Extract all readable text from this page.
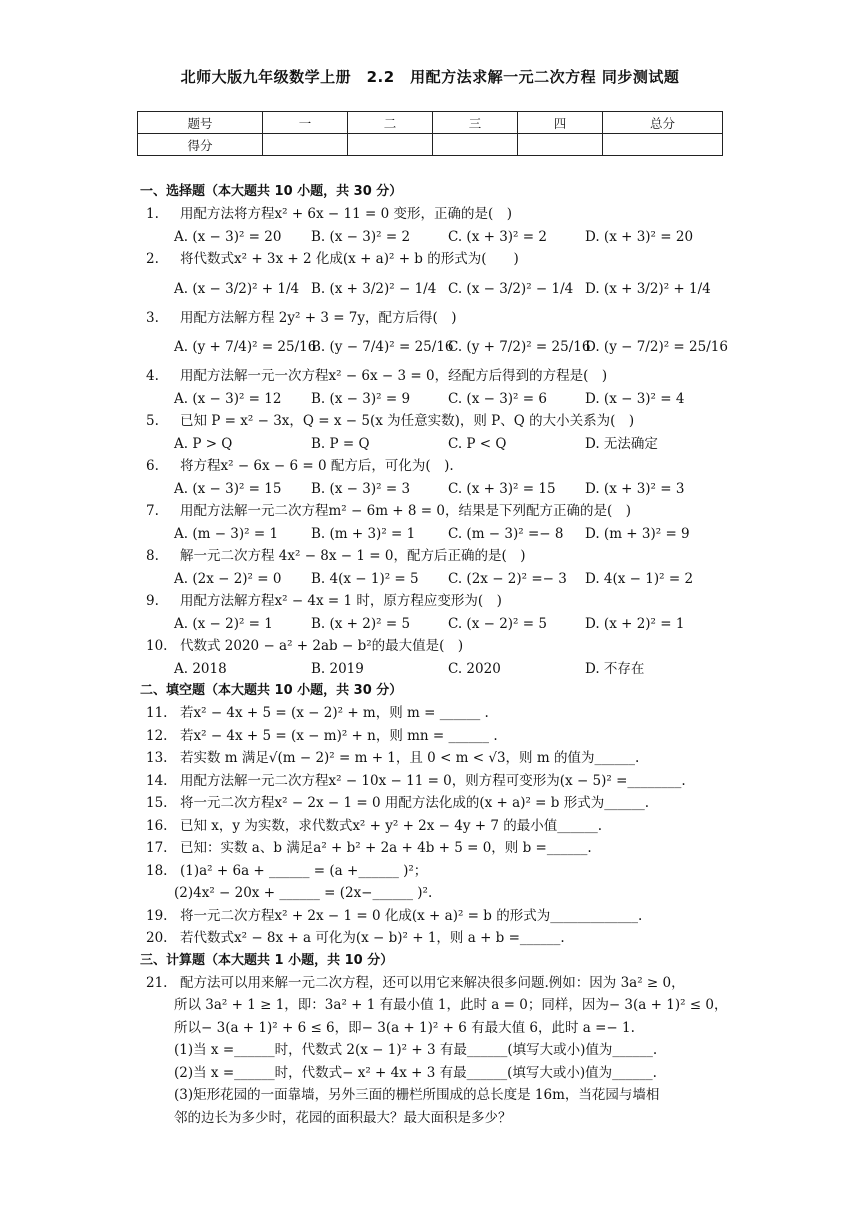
北师大版九年级数学上册　2.2　用配方法求解一元二次方程 同步测试题
题号	一	二	三	四	总分
得分					
一、选择题（本大题共 10 小题，共 30 分）
1.	用配方法将方程x² + 6x − 11 = 0 变形，正确的是(　)
A. (x − 3)² = 20	B. (x − 3)² = 2	C. (x + 3)² = 2	D. (x + 3)² = 20
2.	将代数式x² + 3x + 2 化成(x + a)² + b 的形式为(　　)
A. (x − 3/2)² + 1/4 B. (x + 3/2)² − 1/4 C. (x − 3/2)² − 1/4 D. (x + 3/2)² + 1/4
3.	用配方法解方程 2y² + 3 = 7y，配方后得(　)
A. (y + 7/4)² = 25/16
B. (y − 7/4)² = 25/16
C. (y + 7/2)² = 25/16
D. (y − 7/2)² = 25/16
4.	用配方法解一元一次方程x² − 6x − 3 = 0，经配方后得到的方程是(　)
A. (x − 3)² = 12	B. (x − 3)² = 9	C. (x − 3)² = 6	D. (x − 3)² = 4
5.	已知 P = x² − 3x，Q = x − 5(x 为任意实数)，则 P、Q 的大小关系为(　)
A. P > Q	B. P = Q	C. P < Q	D. 无法确定
6.	将方程x² − 6x − 6 = 0 配方后，可化为(　).
A. (x − 3)² = 15	B. (x − 3)² = 3	C. (x + 3)² = 15	D. (x + 3)² = 3
7.	用配方法解一元二次方程m² − 6m + 8 = 0，结果是下列配方正确的是(　)
A. (m − 3)² = 1	B. (m + 3)² = 1	C. (m − 3)² =− 8	D. (m + 3)² = 9
8.	解一元二次方程 4x² − 8x − 1 = 0，配方后正确的是(　)
A. (2x − 2)² = 0	B. 4(x − 1)² = 5	C. (2x − 2)² =− 3	D. 4(x − 1)² = 2
9.	用配方法解方程x² − 4x = 1 时，原方程应变形为(　)
A. (x − 2)² = 1	B. (x + 2)² = 5	C. (x − 2)² = 5	D. (x + 2)² = 1
10. 代数式 2020 − a² + 2ab − b²的最大值是(　)
A. 2018	B. 2019	C. 2020	D. 不存在
二、填空题（本大题共 10 小题，共 30 分）
11. 若x² − 4x + 5 = (x − 2)² + m，则 m = ______ .
12. 若x² − 4x + 5 = (x − m)² + n，则 mn = ______ .
13. 若实数 m 满足√(m − 2)² = m + 1，且 0 < m < √3，则 m 的值为______.
14. 用配方法解一元二次方程x² − 10x − 11 = 0，则方程可变形为(x − 5)² =________.
15. 将一元二次方程x² − 2x − 1 = 0 用配方法化成的(x + a)² = b 形式为______.
16. 已知 x，y 为实数，求代数式x² + y² + 2x − 4y + 7 的最小值______.
17. 已知：实数 a、b 满足a² + b² + 2a + 4b + 5 = 0，则 b =______.
18. (1)a² + 6a + ______ = (a +______ )²；
(2)4x² − 20x + ______ = (2x−______ )².
19. 将一元二次方程x² + 2x − 1 = 0 化成(x + a)² = b 的形式为_____________.
20. 若代数式x² − 8x + a 可化为(x − b)² + 1，则 a + b =______.
三、计算题（本大题共 1 小题，共 10 分）
21. 配方法可以用来解一元二次方程，还可以用它来解决很多问题.例如：因为 3a² ≥ 0，
所以 3a² + 1 ≥ 1，即：3a² + 1 有最小值 1，此时 a = 0；同样，因为− 3(a + 1)² ≤ 0，
所以− 3(a + 1)² + 6 ≤ 6，即− 3(a + 1)² + 6 有最大值 6，此时 a =− 1.
(1)当 x =______时，代数式 2(x − 1)² + 3 有最______(填写大或小)值为______.
(2)当 x =______时，代数式− x² + 4x + 3 有最______(填写大或小)值为______.
(3)矩形花园的一面靠墙，另外三面的栅栏所围成的总长度是 16m，当花园与墙相
邻的边长为多少时，花园的面积最大？最大面积是多少？
